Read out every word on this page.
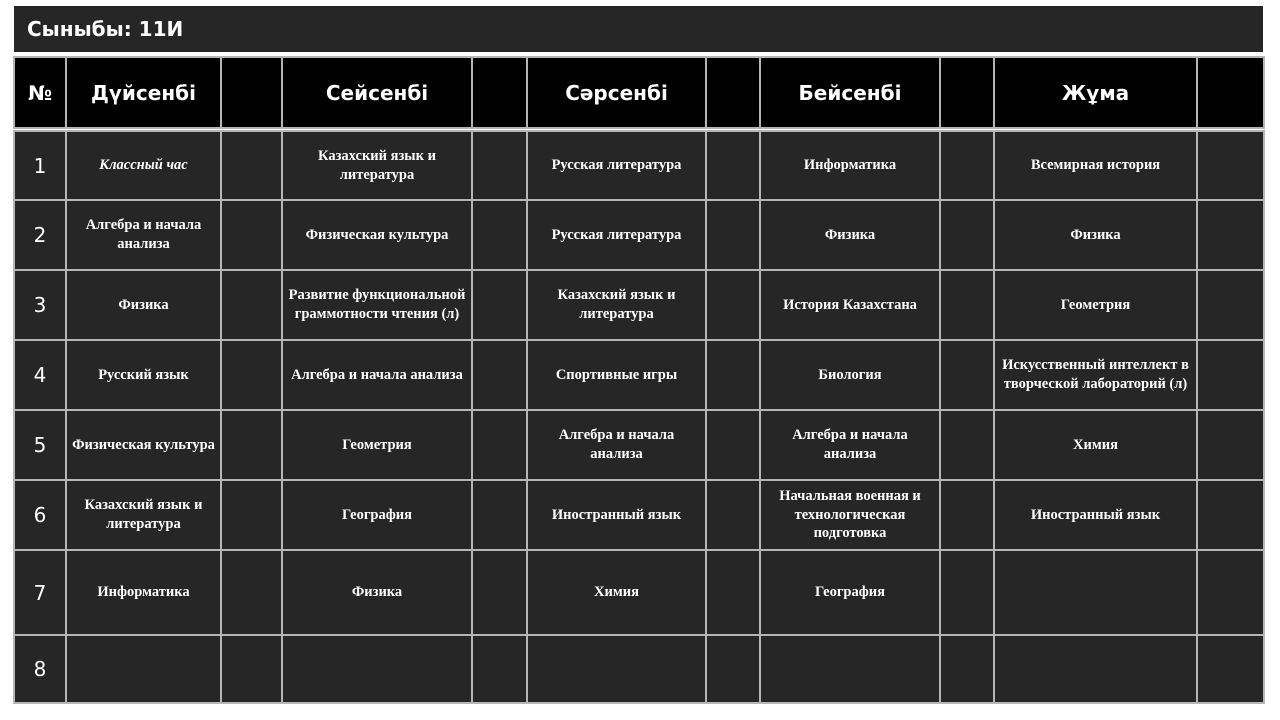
Сыныбы: 11И
№	Дүйсенбі		Сейсенбі		Сәрсенбі		Бейсенбі		Жұма	

1	Классный час		Казахский язык и литература		Русская литература		Информатика		Всемирная история	
2	Алгебра и начала анализа		Физическая культура		Русская литература		Физика		Физика	
3	Физика		Развитие функциональной граммотности чтения (л)		Казахский язык и литература		История Казахстана		Геометрия	
4	Русский язык		Алгебра и начала анализа		Спортивные игры		Биология		Искусственный интеллект в творческой лабораторий (л)	
5	Физическая культура		Геометрия		Алгебра и начала анализа		Алгебра и начала анализа		Химия	
6	Казахский язык и литература		География		Иностранный язык		Начальная военная и технологическая подготовка		Иностранный язык	
7	Информатика		Физика		Химия		География			
8										
